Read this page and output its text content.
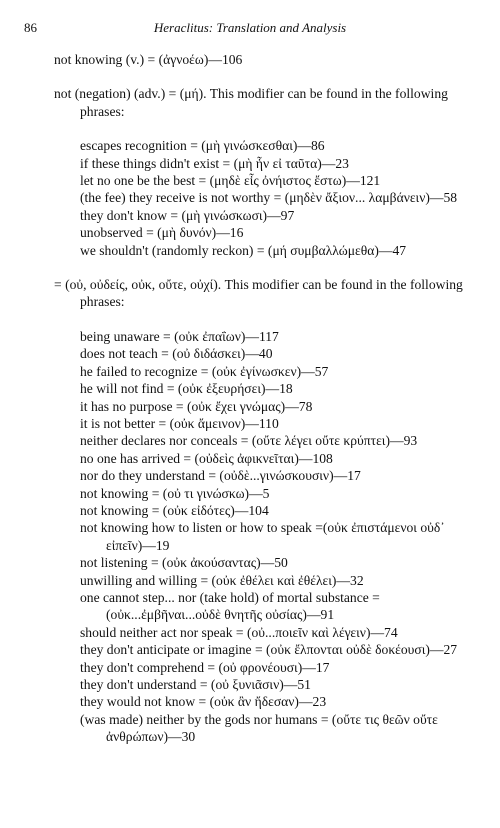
86	Heraclitus: Translation and Analysis
not knowing (v.) = (ἀγνοέω)—106
not (negation) (adv.) = (μή). This modifier can be found in the following phrases:
escapes recognition = (μὴ γινώσκεσθαι)—86
if these things didn't exist = (μὴ ἦν εἰ ταῦτα)—23
let no one be the best = (μηδὲ εἷς ὀνήιστος ἔστω)—121
(the fee) they receive is not worthy = (μηδὲν ἄξιον... λαμβάνειν)—58
they don't know = (μὴ γινώσκωσι)—97
unobserved = (μὴ δυνόν)—16
we shouldn't (randomly reckon) = (μή συμβαλλώμεθα)—47
= (οὐ, οὐδείς, οὐκ, οὔτε, οὐχί). This modifier can be found in the following phrases:
being unaware = (οὐκ ἐπαΐων)—117
does not teach = (οὐ διδάσκει)—40
he failed to recognize = (οὐκ ἐγίνωσκεν)—57
he will not find = (οὐκ ἐξευρήσει)—18
it has no purpose = (οὐκ ἔχει γνώμας)—78
it is not better = (οὐκ ἄμεινον)—110
neither declares nor conceals = (οὔτε λέγει οὔτε κρύπτει)—93
no one has arrived = (οὐδεὶς ἀφικνεῖται)—108
nor do they understand = (οὐδὲ...γινώσκουσιν)—17
not knowing = (οὐ τι γινώσκω)—5
not knowing = (οὐκ εἰδότες)—104
not knowing how to listen or how to speak =(οὐκ ἐπιστάμενοι οὐδ᾽ εἰπεῖν)—19
not listening = (οὐκ ἀκούσαντας)—50
unwilling and willing = (οὐκ ἐθέλει καὶ ἐθέλει)—32
one cannot step... nor (take hold) of mortal substance = (οὐκ...ἐμβῆναι...οὐδὲ θνητῆς οὐσίας)—91
should neither act nor speak = (οὐ...ποιεῖν καὶ λέγειν)—74
they don't anticipate or imagine = (οὐκ ἔλπονται οὐδὲ δοκέουσι)—27
they don't comprehend = (οὐ φρονέουσι)—17
they don't understand = (οὐ ξυνιᾶσιν)—51
they would not know = (οὐκ ἂν ἤδεσαν)—23
(was made) neither by the gods nor humans = (οὔτε τις θεῶν οὔτε ἀνθρώπων)—30
